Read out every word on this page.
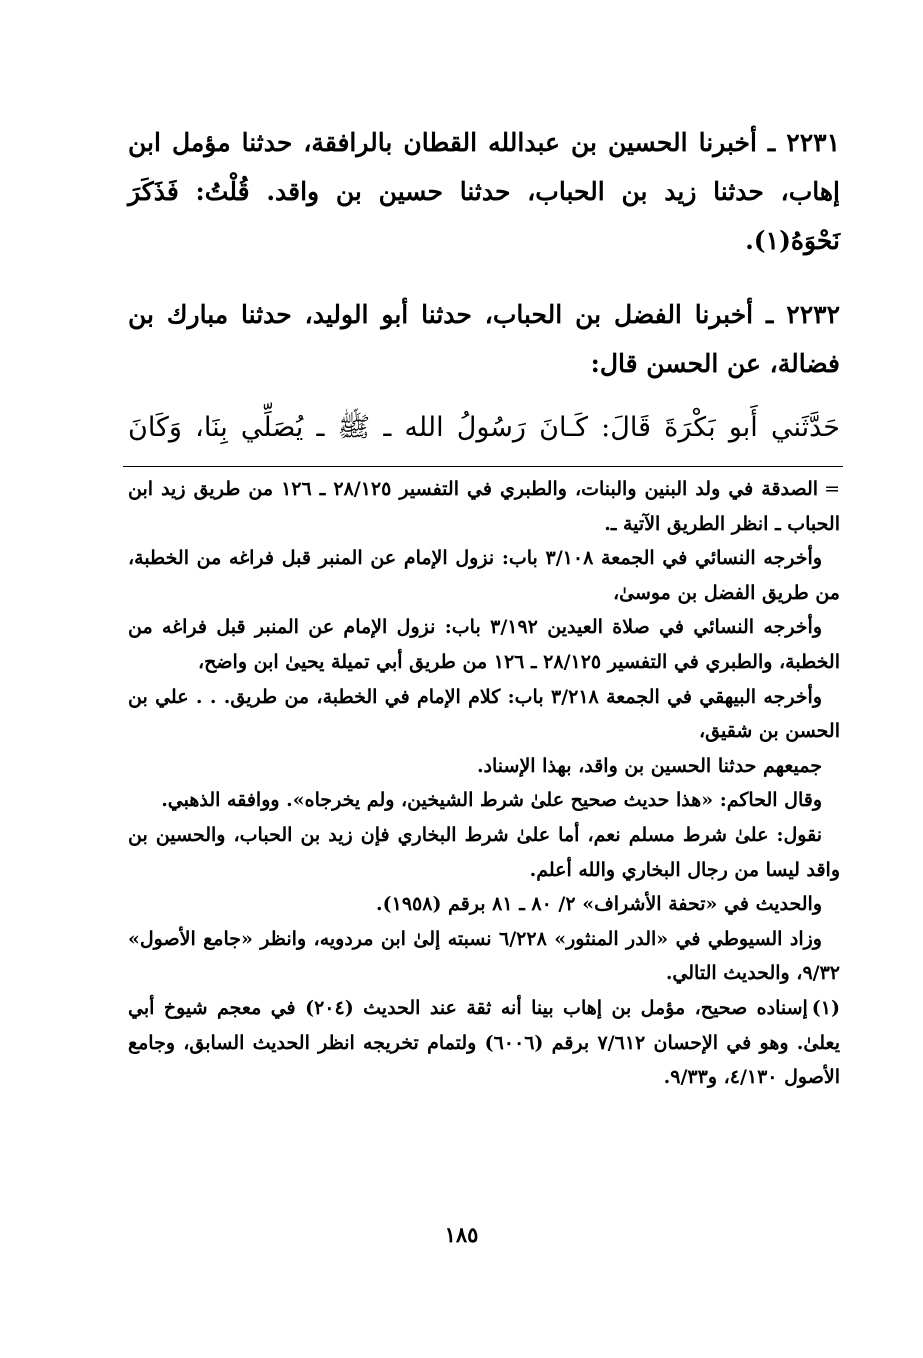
٢٢٣١ ـ أخبرنا الحسين بن عبدالله القطان بالرافقة، حدثنا مؤمل ابن إهاب، حدثنا زيد بن الحباب، حدثنا حسين بن واقد. قُلْتُ: فَذَكَرَ نَحْوَهُ(١).

٢٢٣٢ ـ أخبرنا الفضل بن الحباب، حدثنا أبو الوليد، حدثنا مبارك بن فضالة، عن الحسن قال:

حَدَّثَني أَبو بَكْرَةَ قَالَ: كَـانَ رَسُولُ الله ـ ﷺ ـ يُصَلِّي بِنَا، وَكَانَ

=الصدقة في ولد البنين والبنات، والطبري في التفسير ٢٨/١٢٥ ـ ١٢٦ من طريق زيد ابن الحباب ـ انظر الطريق الآتية ـ.

وأخرجه النسائي في الجمعة ٣/١٠٨ باب: نزول الإمام عن المنبر قبل فراغه من الخطبة، من طريق الفضل بن موسىٰ،

وأخرجه النسائي في صلاة العيدين ٣/١٩٢ باب: نزول الإمام عن المنبر قبل فراغه من الخطبة، والطبري في التفسير ٢٨/١٢٥ ـ ١٢٦ من طريق أبي تميلة يحيىٰ ابن واضح،

وأخرجه البيهقي في الجمعة ٣/٢١٨ باب: كلام الإمام في الخطبة، من طريق. . . علي بن الحسن بن شقيق،

جميعهم حدثنا الحسين بن واقد، بهذا الإسناد.

وقال الحاكم: «هذا حديث صحيح علىٰ شرط الشيخين، ولم يخرجاه». ووافقه الذهبي.

نقول: علىٰ شرط مسلم نعم، أما علىٰ شرط البخاري فإن زيد بن الحباب، والحسين بن واقد ليسا من رجال البخاري والله أعلم.

والحديث في «تحفة الأشراف» ٢/ ٨٠ ـ ٨١ برقم (١٩٥٨).

وزاد السيوطي في «الدر المنثور» ٦/٢٢٨ نسبته إلىٰ ابن مردويه، وانظر «جامع الأصول» ٩/٣٢، والحديث التالي.

(١)إسناده صحيح، مؤمل بن إهاب بينا أنه ثقة عند الحديث (٢٠٤) في معجم شيوخ أبي يعلىٰ. وهو في الإحسان ٧/٦١٢ برقم (٦٠٠٦) ولتمام تخريجه انظر الحديث السابق، وجامع الأصول ٤/١٣٠، و٩/٣٣.

١٨٥
